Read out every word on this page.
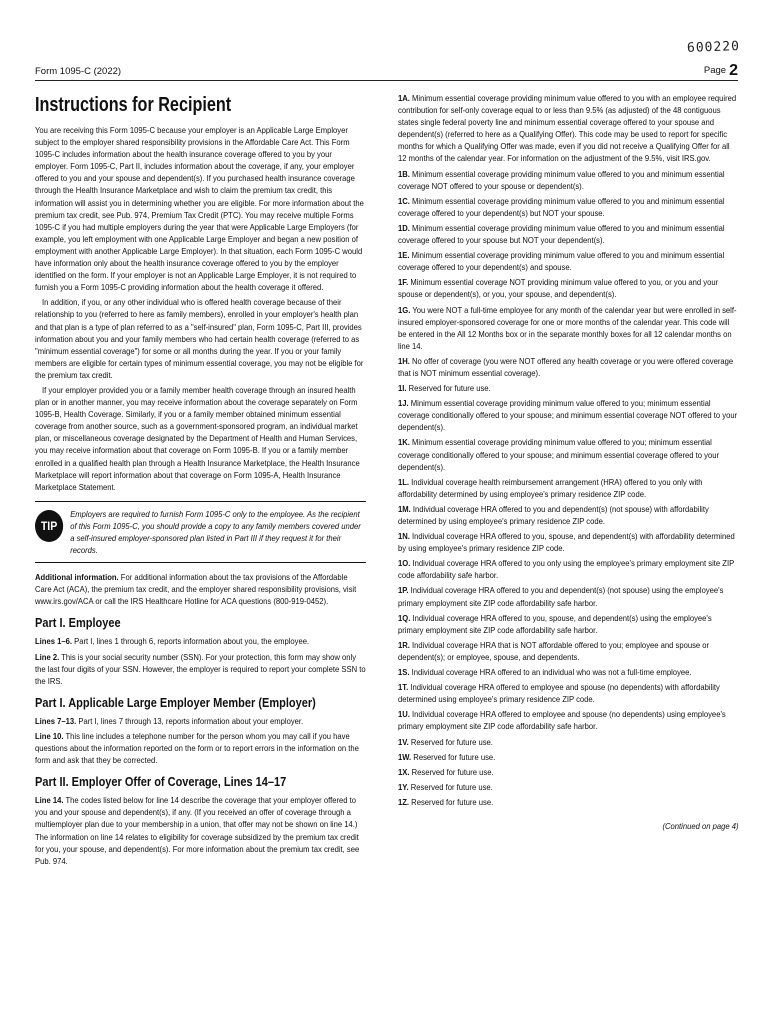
600220
Form 1095-C (2022)	Page 2
Instructions for Recipient

You are receiving this Form 1095-C because your employer is an Applicable Large Employer subject to the employer shared responsibility provisions in the Affordable Care Act. This Form 1095-C includes information about the health insurance coverage offered to you by your employer. Form 1095-C, Part II, includes information about the coverage, if any, your employer offered to you and your spouse and dependent(s). If you purchased health insurance coverage through the Health Insurance Marketplace and wish to claim the premium tax credit, this information will assist you in determining whether you are eligible. For more information about the premium tax credit, see Pub. 974, Premium Tax Credit (PTC). You may receive multiple Forms 1095-C if you had multiple employers during the year that were Applicable Large Employers (for example, you left employment with one Applicable Large Employer and began a new position of employment with another Applicable Large Employer). In that situation, each Form 1095-C would have information only about the health insurance coverage offered to you by the employer identified on the form. If your employer is not an Applicable Large Employer, it is not required to furnish you a Form 1095-C providing information about the health coverage it offered.

In addition, if you, or any other individual who is offered health coverage because of their relationship to you (referred to here as family members), enrolled in your employer's health plan and that plan is a type of plan referred to as a "self-insured" plan, Form 1095-C, Part III, provides information about you and your family members who had certain health coverage (referred to as "minimum essential coverage") for some or all months during the year. If you or your family members are eligible for certain types of minimum essential coverage, you may not be eligible for the premium tax credit.

If your employer provided you or a family member health coverage through an insured health plan or in another manner, you may receive information about the coverage separately on Form 1095-B, Health Coverage. Similarly, if you or a family member obtained minimum essential coverage from another source, such as a government-sponsored program, an individual market plan, or miscellaneous coverage designated by the Department of Health and Human Services, you may receive information about that coverage on Form 1095-B. If you or a family member enrolled in a qualified health plan through a Health Insurance Marketplace, the Health Insurance Marketplace will report information about that coverage on Form 1095-A, Health Insurance Marketplace Statement.

TIP
Employers are required to furnish Form 1095-C only to the employee. As the recipient of this Form 1095-C, you should provide a copy to any family members covered under a self-insured employer-sponsored plan listed in Part III if they request it for their records.

Additional information. For additional information about the tax provisions of the Affordable Care Act (ACA), the premium tax credit, and the employer shared responsibility provisions, visit www.irs.gov/ACA or call the IRS Healthcare Hotline for ACA questions (800-919-0452).

Part I. Employee

Lines 1–6. Part I, lines 1 through 6, reports information about you, the employee.

Line 2. This is your social security number (SSN). For your protection, this form may show only the last four digits of your SSN. However, the employer is required to report your complete SSN to the IRS.

Part I. Applicable Large Employer Member (Employer)

Lines 7–13. Part I, lines 7 through 13, reports information about your employer.

Line 10. This line includes a telephone number for the person whom you may call if you have questions about the information reported on the form or to report errors in the information on the form and ask that they be corrected.

Part II. Employer Offer of Coverage, Lines 14–17

Line 14. The codes listed below for line 14 describe the coverage that your employer offered to you and your spouse and dependent(s), if any. (If you received an offer of coverage through a multiemployer plan due to your membership in a union, that offer may not be shown on line 14.) The information on line 14 relates to eligibility for coverage subsidized by the premium tax credit for you, your spouse, and dependent(s). For more information about the premium tax credit, see Pub. 974.

1A. Minimum essential coverage providing minimum value offered to you with an employee required contribution for self-only coverage equal to or less than 9.5% (as adjusted) of the 48 contiguous states single federal poverty line and minimum essential coverage offered to your spouse and dependent(s) (referred to here as a Qualifying Offer). This code may be used to report for specific months for which a Qualifying Offer was made, even if you did not receive a Qualifying Offer for all 12 months of the calendar year. For information on the adjustment of the 9.5%, visit IRS.gov.

1B. Minimum essential coverage providing minimum value offered to you and minimum essential coverage NOT offered to your spouse or dependent(s).

1C. Minimum essential coverage providing minimum value offered to you and minimum essential coverage offered to your dependent(s) but NOT your spouse.

1D. Minimum essential coverage providing minimum value offered to you and minimum essential coverage offered to your spouse but NOT your dependent(s).

1E. Minimum essential coverage providing minimum value offered to you and minimum essential coverage offered to your dependent(s) and spouse.

1F. Minimum essential coverage NOT providing minimum value offered to you, or you and your spouse or dependent(s), or you, your spouse, and dependent(s).

1G. You were NOT a full-time employee for any month of the calendar year but were enrolled in self-insured employer-sponsored coverage for one or more months of the calendar year. This code will be entered in the All 12 Months box or in the separate monthly boxes for all 12 calendar months on line 14.

1H. No offer of coverage (you were NOT offered any health coverage or you were offered coverage that is NOT minimum essential coverage).

1I. Reserved for future use.

1J. Minimum essential coverage providing minimum value offered to you; minimum essential coverage conditionally offered to your spouse; and minimum essential coverage NOT offered to your dependent(s).

1K. Minimum essential coverage providing minimum value offered to you; minimum essential coverage conditionally offered to your spouse; and minimum essential coverage offered to your dependent(s).

1L. Individual coverage health reimbursement arrangement (HRA) offered to you only with affordability determined by using employee's primary residence ZIP code.

1M. Individual coverage HRA offered to you and dependent(s) (not spouse) with affordability determined by using employee's primary residence ZIP code.

1N. Individual coverage HRA offered to you, spouse, and dependent(s) with affordability determined by using employee's primary residence ZIP code.

1O. Individual coverage HRA offered to you only using the employee's primary employment site ZIP code affordability safe harbor.

1P. Individual coverage HRA offered to you and dependent(s) (not spouse) using the employee's primary employment site ZIP code affordability safe harbor.

1Q. Individual coverage HRA offered to you, spouse, and dependent(s) using the employee's primary employment site ZIP code affordability safe harbor.

1R. Individual coverage HRA that is NOT affordable offered to you; employee and spouse or dependent(s); or employee, spouse, and dependents.

1S. Individual coverage HRA offered to an individual who was not a full-time employee.

1T. Individual coverage HRA offered to employee and spouse (no dependents) with affordability determined using employee's primary residence ZIP code.

1U. Individual coverage HRA offered to employee and spouse (no dependents) using employee's primary employment site ZIP code affordability safe harbor.

1V. Reserved for future use.

1W. Reserved for future use.

1X. Reserved for future use.

1Y. Reserved for future use.

1Z. Reserved for future use.

(Continued on page 4)
